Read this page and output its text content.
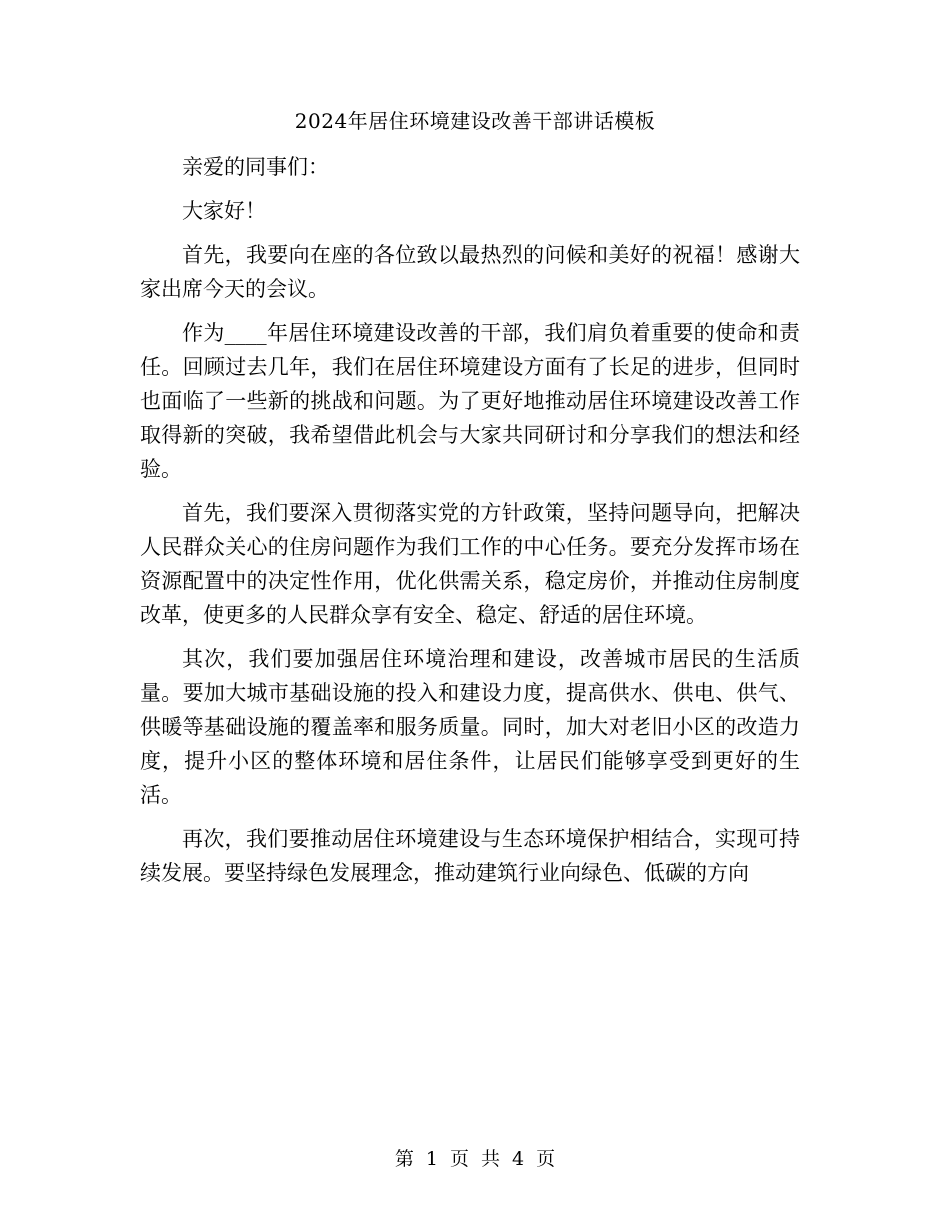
2024年居住环境建设改善干部讲话模板

亲爱的同事们：

大家好！

首先，我要向在座的各位致以最热烈的问候和美好的祝福！感谢大家出席今天的会议。

作为____年居住环境建设改善的干部，我们肩负着重要的使命和责任。回顾过去几年，我们在居住环境建设方面有了长足的进步，但同时也面临了一些新的挑战和问题。为了更好地推动居住环境建设改善工作取得新的突破，我希望借此机会与大家共同研讨和分享我们的想法和经验。

首先，我们要深入贯彻落实党的方针政策，坚持问题导向，把解决人民群众关心的住房问题作为我们工作的中心任务。要充分发挥市场在资源配置中的决定性作用，优化供需关系，稳定房价，并推动住房制度改革，使更多的人民群众享有安全、稳定、舒适的居住环境。

其次，我们要加强居住环境治理和建设，改善城市居民的生活质量。要加大城市基础设施的投入和建设力度，提高供水、供电、供气、供暖等基础设施的覆盖率和服务质量。同时，加大对老旧小区的改造力度，提升小区的整体环境和居住条件，让居民们能够享受到更好的生活。

再次，我们要推动居住环境建设与生态环境保护相结合，实现可持续发展。要坚持绿色发展理念，推动建筑行业向绿色、低碳的方向

第 1 页 共 4 页
